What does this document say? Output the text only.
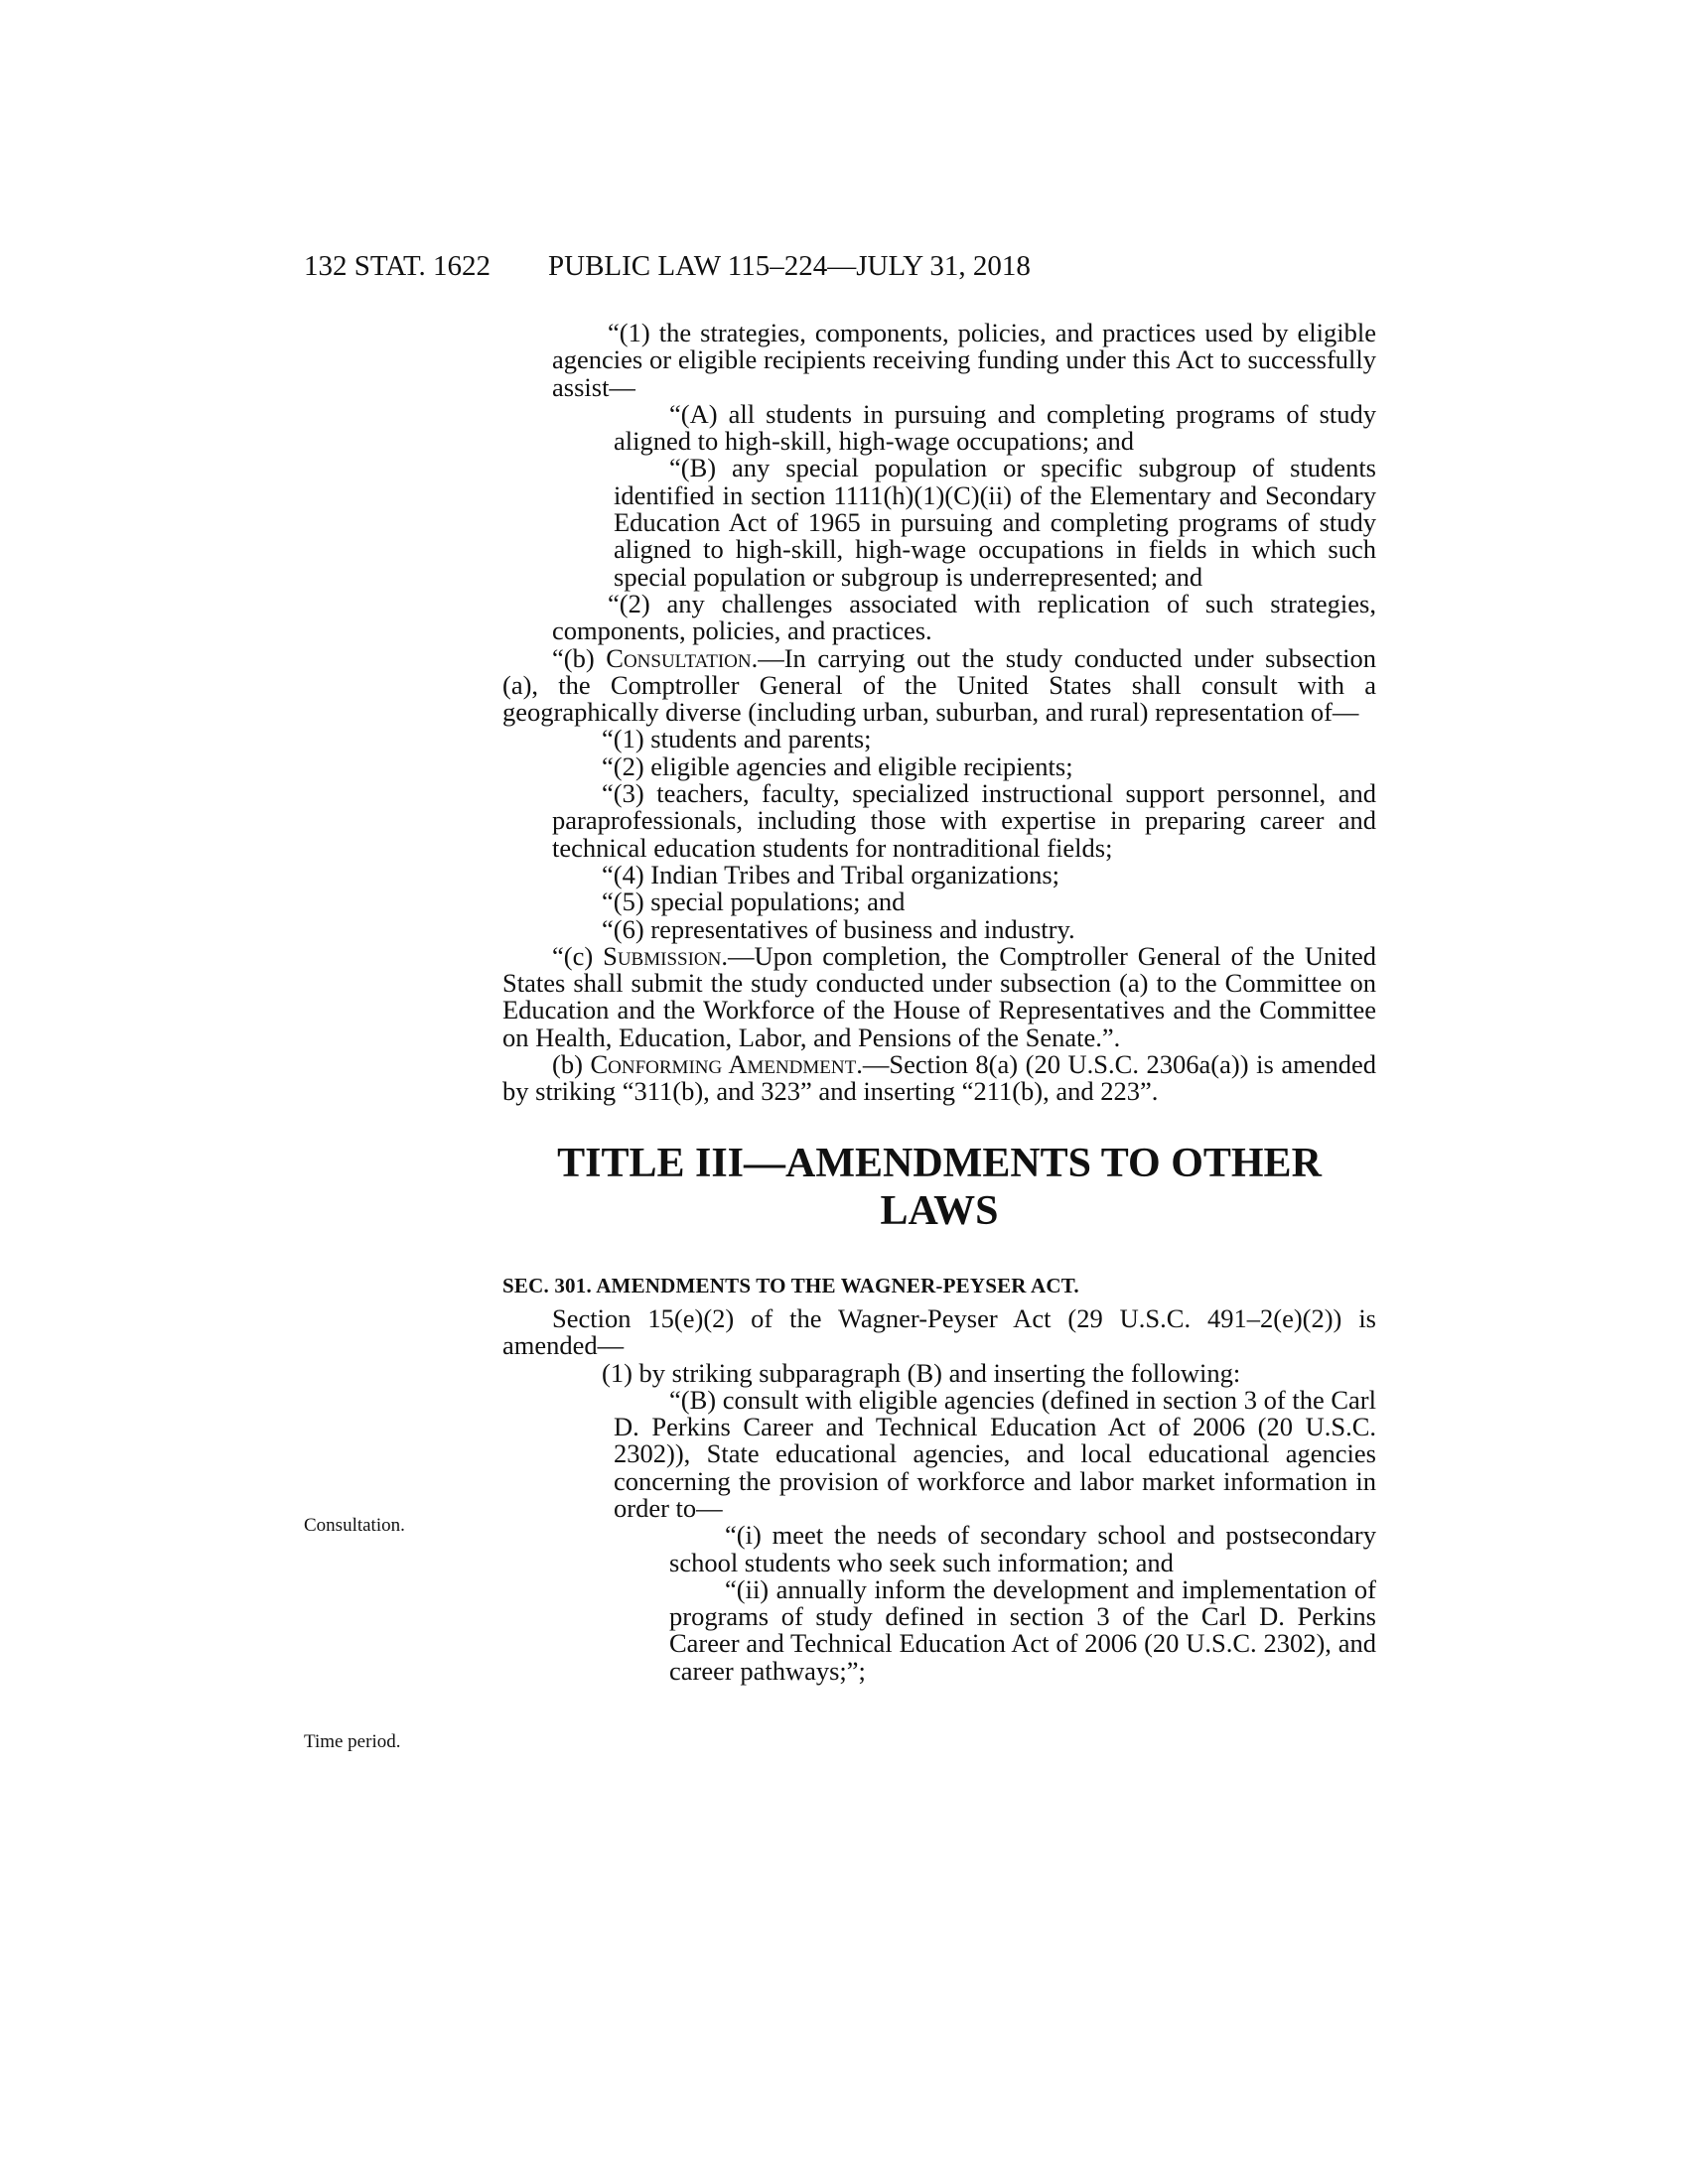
132 STAT. 1622 PUBLIC LAW 115–224—JULY 31, 2018
Consultation.
Time period.

“(1) the strategies, components, policies, and practices used by eligible agencies or eligible recipients receiving funding under this Act to successfully assist—

“(A) all students in pursuing and completing programs of study aligned to high-skill, high-wage occupations; and

“(B) any special population or specific subgroup of students identified in section 1111(h)(1)(C)(ii) of the Elementary and Secondary Education Act of 1965 in pursuing and completing programs of study aligned to high-skill, high-wage occupations in fields in which such special population or subgroup is underrepresented; and

“(2) any challenges associated with replication of such strategies, components, policies, and practices.

“(b) Consultation.—In carrying out the study conducted under subsection (a), the Comptroller General of the United States shall consult with a geographically diverse (including urban, suburban, and rural) representation of—

“(1) students and parents;

“(2) eligible agencies and eligible recipients;

“(3) teachers, faculty, specialized instructional support personnel, and paraprofessionals, including those with expertise in preparing career and technical education students for nontraditional fields;

“(4) Indian Tribes and Tribal organizations;

“(5) special populations; and

“(6) representatives of business and industry.

“(c) Submission.—Upon completion, the Comptroller General of the United States shall submit the study conducted under subsection (a) to the Committee on Education and the Workforce of the House of Representatives and the Committee on Health, Education, Labor, and Pensions of the Senate.”.

(b) Conforming Amendment.—Section 8(a) (20 U.S.C. 2306a(a)) is amended by striking “311(b), and 323” and inserting “211(b), and 223”.

TITLE III—AMENDMENTS TO OTHER
LAWS
SEC. 301. AMENDMENTS TO THE WAGNER-PEYSER ACT.

Section 15(e)(2) of the Wagner-Peyser Act (29 U.S.C. 491–2(e)(2)) is amended—

(1) by striking subparagraph (B) and inserting the following:

“(B) consult with eligible agencies (defined in section 3 of the Carl D. Perkins Career and Technical Education Act of 2006 (20 U.S.C. 2302)), State educational agencies, and local educational agencies concerning the provision of workforce and labor market information in order to—

“(i) meet the needs of secondary school and postsecondary school students who seek such information; and

“(ii) annually inform the development and implementation of programs of study defined in section 3 of the Carl D. Perkins Career and Technical Education Act of 2006 (20 U.S.C. 2302), and career pathways;”;
